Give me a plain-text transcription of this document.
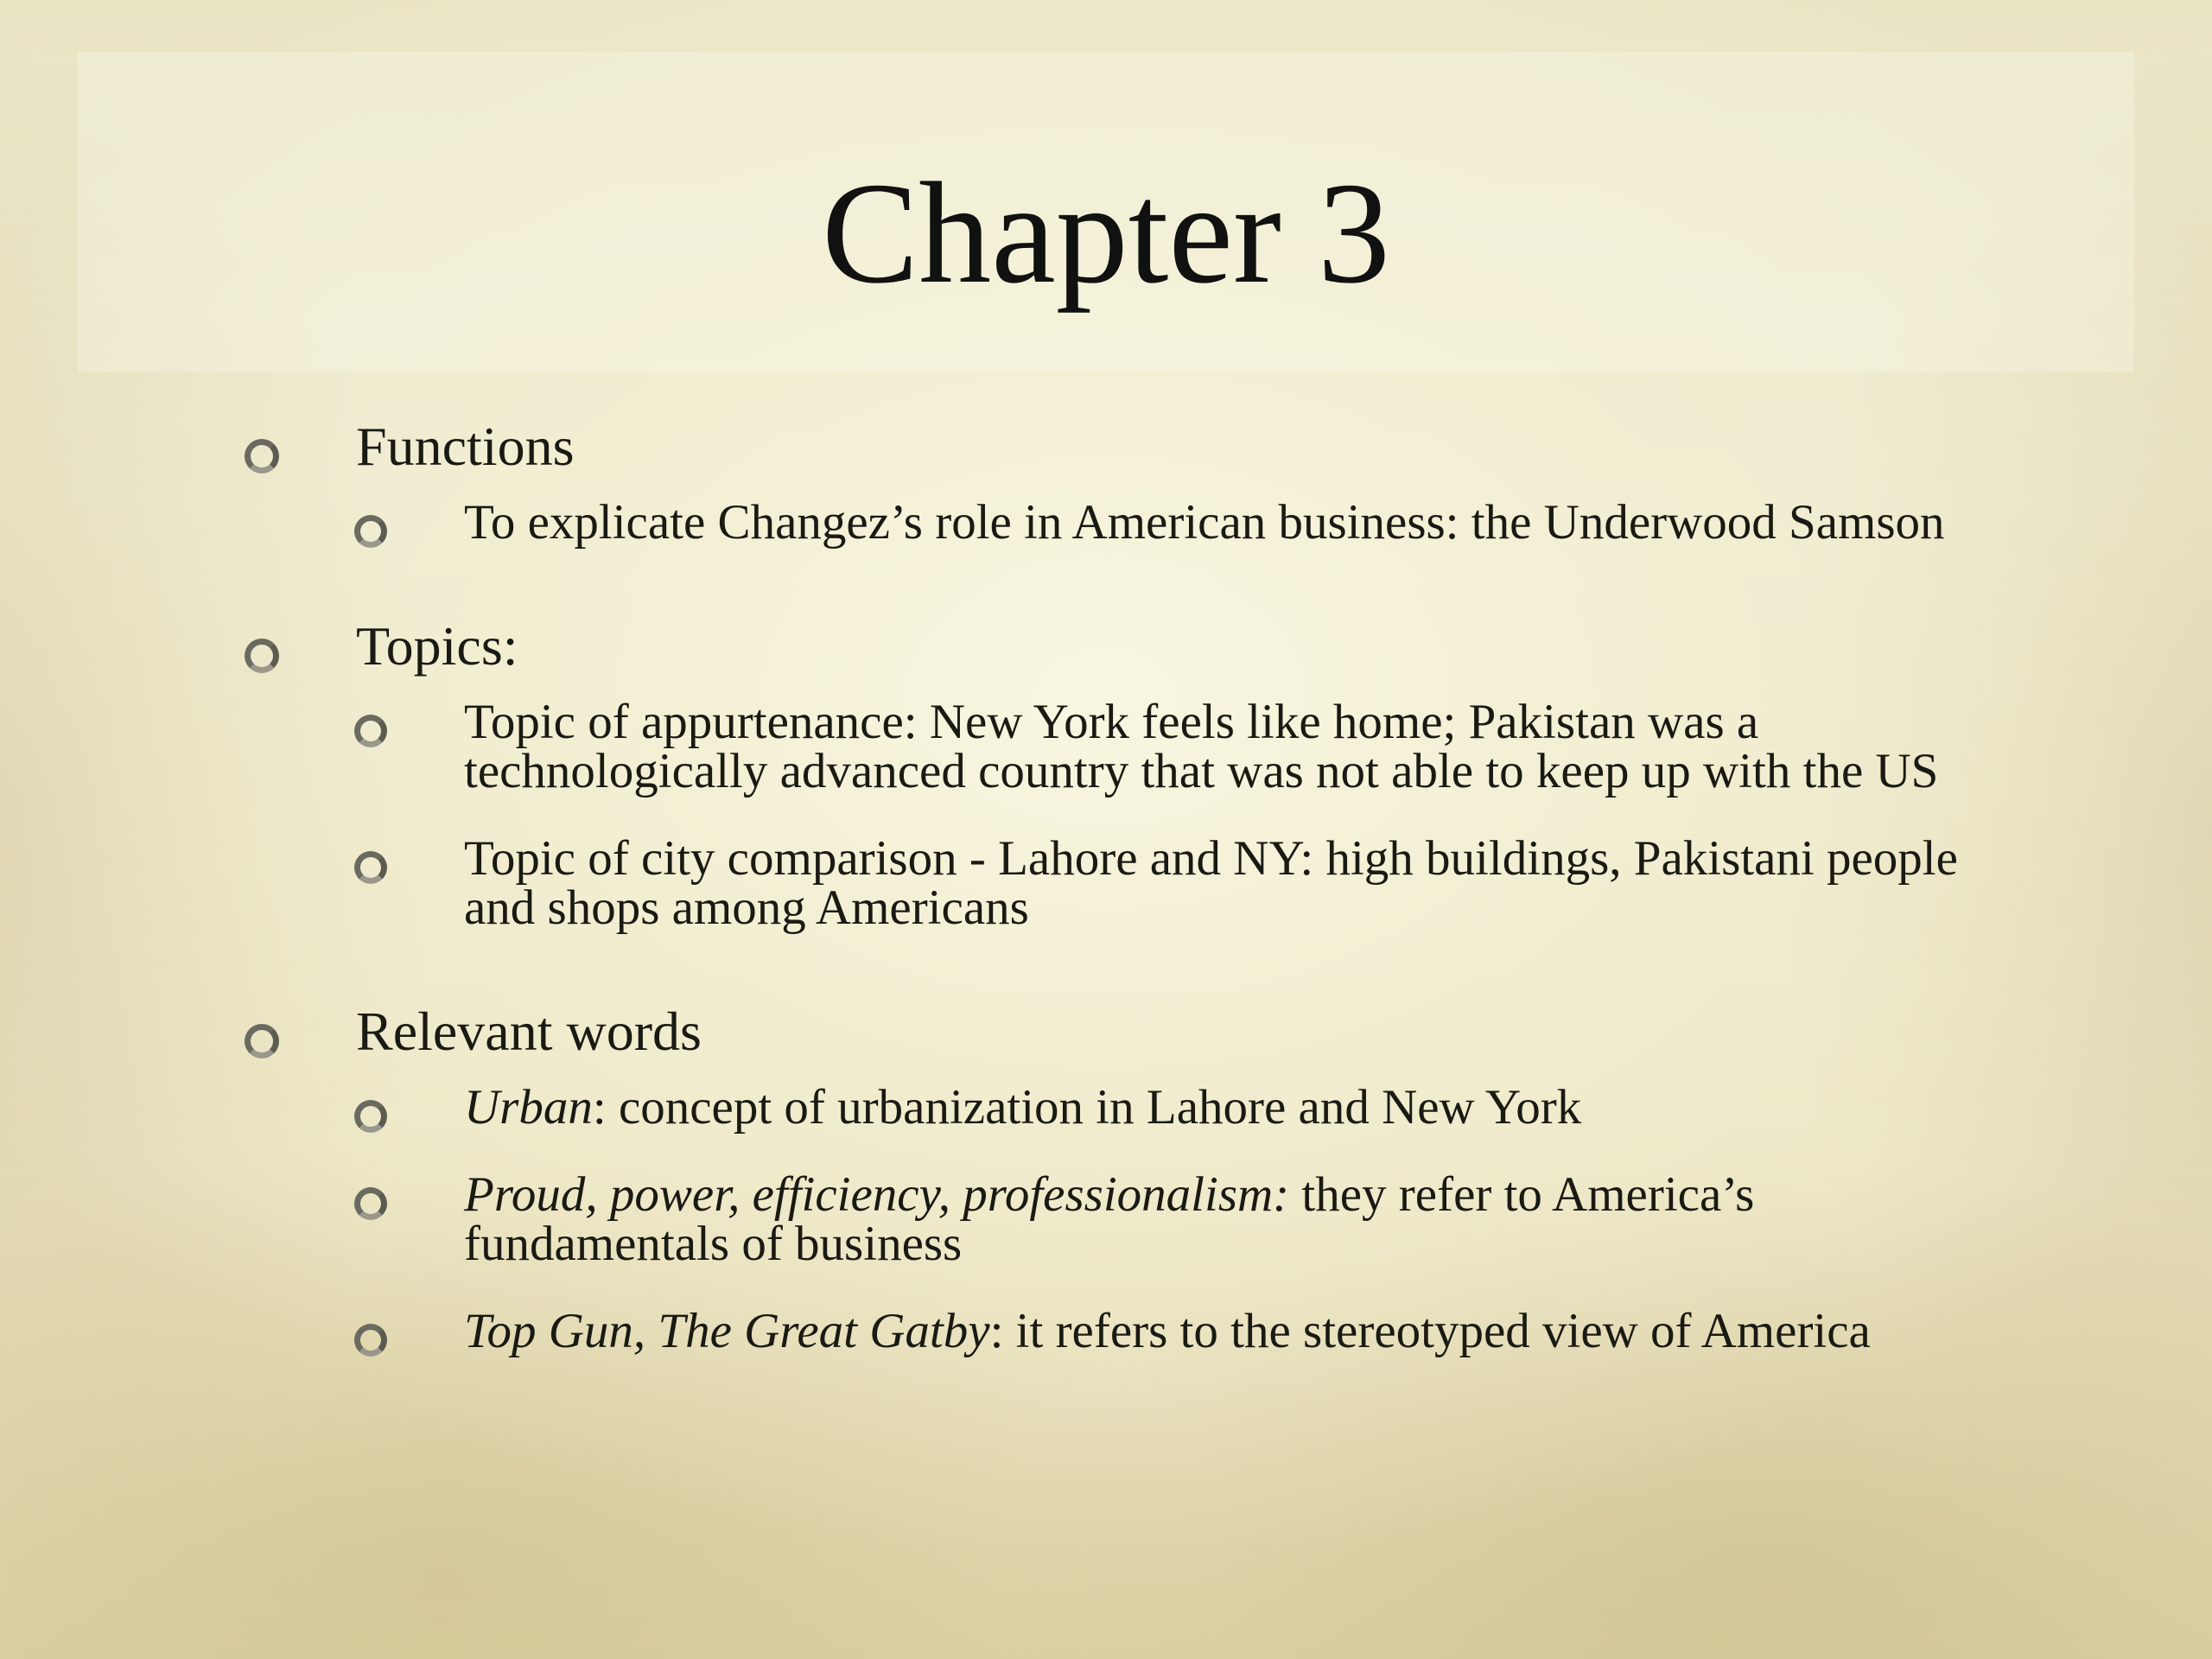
Chapter 3
Functions
To explicate Changez’s role in American business: the Underwood Samson
Topics:
Topic of appurtenance: New York feels like home; Pakistan was a technologically advanced country that was not able to keep up with the US
Topic of city comparison - Lahore and NY: high buildings, Pakistani people and shops among Americans
Relevant words
Urban: concept of urbanization in Lahore and New York
Proud, power, efficiency, professionalism: they refer to America’s fundamentals of business
Top Gun, The Great Gatby: it refers to the stereotyped view of America
